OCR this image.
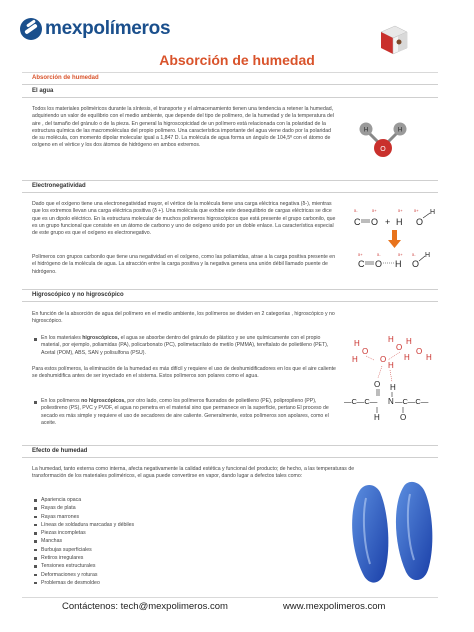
mexpolímeros
Absorción de humedad
Absorción de humedad
El agua
Todos los materiales poliméricos durante la síntesis, el transporte y el almacenamiento tienen una tendencia a retener la humedad, adquiriendo un valor de equilibrio con el medio ambiente, que depende del tipo de polímero, de la humedad y de la temperatura del aire , del tamaño del gránulo o de la pieza. En general la higroscopicidad de un polímero está relacionada con la polaridad de la estructura química de las macromoléculas del propio polímero. Una característica importante del agua viene dado por la polaridad de su molécula, con momento dipolar molecular igual a 1,847 D. La molécula de agua forma un ángulo de 104,5º con el átomo de oxígeno en el vértice y los dos átomos de hidrógeno en ambos extremos.
H	H
O
Electronegatividad
Dado que el oxígeno tiene una electronegatividad mayor, el vértice de la molécula tiene una carga eléctrica negativa (δ-), mientras que los extremos llevan una carga eléctrica positiva (δ +). Una molécula que exhibe este desequilibrio de cargas eléctricas se dice que es un dipolo eléctrico. En la estructura molecular de muchos polímeros higroscópicos que está presente el grupo carbonilo, que es un grupo funcional que consiste en un átomo de carbono y uno de oxígeno unido por un doble enlace. La característica especial de este grupo es que el oxígeno es electronegativo.
Polímeros con grupos carbonilo que tiene una negatividad en el oxígeno, como las poliamidas, atrae a la carga positiva presente en el hidrógeno de la molécula de agua. La atracción entre la carga positiva y la negativa genera una unión débil llamado puente de hidrógeno.
δ-	δ+	δ+	δ+
C O + H O
H
δ+	δ-	δ+ δ-
C O H O
H
Higroscópico y no higroscópico
En función de la absorción de agua del polímero en el medio ambiente, los polímeros se dividen en 2 categorías , higroscópico y no higroscópico.
En los materiales higroscópicos, el agua se absorbe dentro del gránulo de plástico y se une químicamente con el propio material, por ejemplo, poliamidas (PA), policarbonato (PC), polimetacrilato de metilo (PMMA), tereftalato de polietileno (PET), Acetal (POM), ABS, SAN y polisulfona (PSU).
Para estos polímeros, la eliminación de la humedad es más difícil y requiere el uso de deshumidificadores en los que el aire caliente se deshumidifica antes de ser inyectado en el sistema. Estos polímeros son polares como el agua.
En los polímeros no higroscópicos, por otro lado, como los polímeros fluorados de polietileno (PE), polipropileno (PP), poliestireno (PS), PVC y PVDF, el agua no penetra en el material sino que permanece en la superficie, pertano El proceso de secado es más simple y requiere el uso de secadores de aire caliente. Generalmente, estos polímeros son apolares, como el aceite.
H
O
H
H
O
H
O
H
H
O
H
O H
—C—C— N —C—C—
H	O
Efecto de humedad
La humedad, tanto externa como interna, afecta negativamente la calidad estética y funcional del producto; de hecho, a las temperaturas de transformación de los materiales poliméricos, el agua puede convertirse en vapor, dando lugar a defectos tales como:
Apariencia opaca
Rayas de plata
Rayas marrones
Líneas de soldadura marcadas y débiles
Piezas incompletas
Manchas
Burbujas superficiales
Retiros irregulares
Tensiones estructurales
Deformaciones y roturas
Problemas de desmoldeo
Contáctenos: tech@mexpolimeros.com	www.mexpolimeros.com
